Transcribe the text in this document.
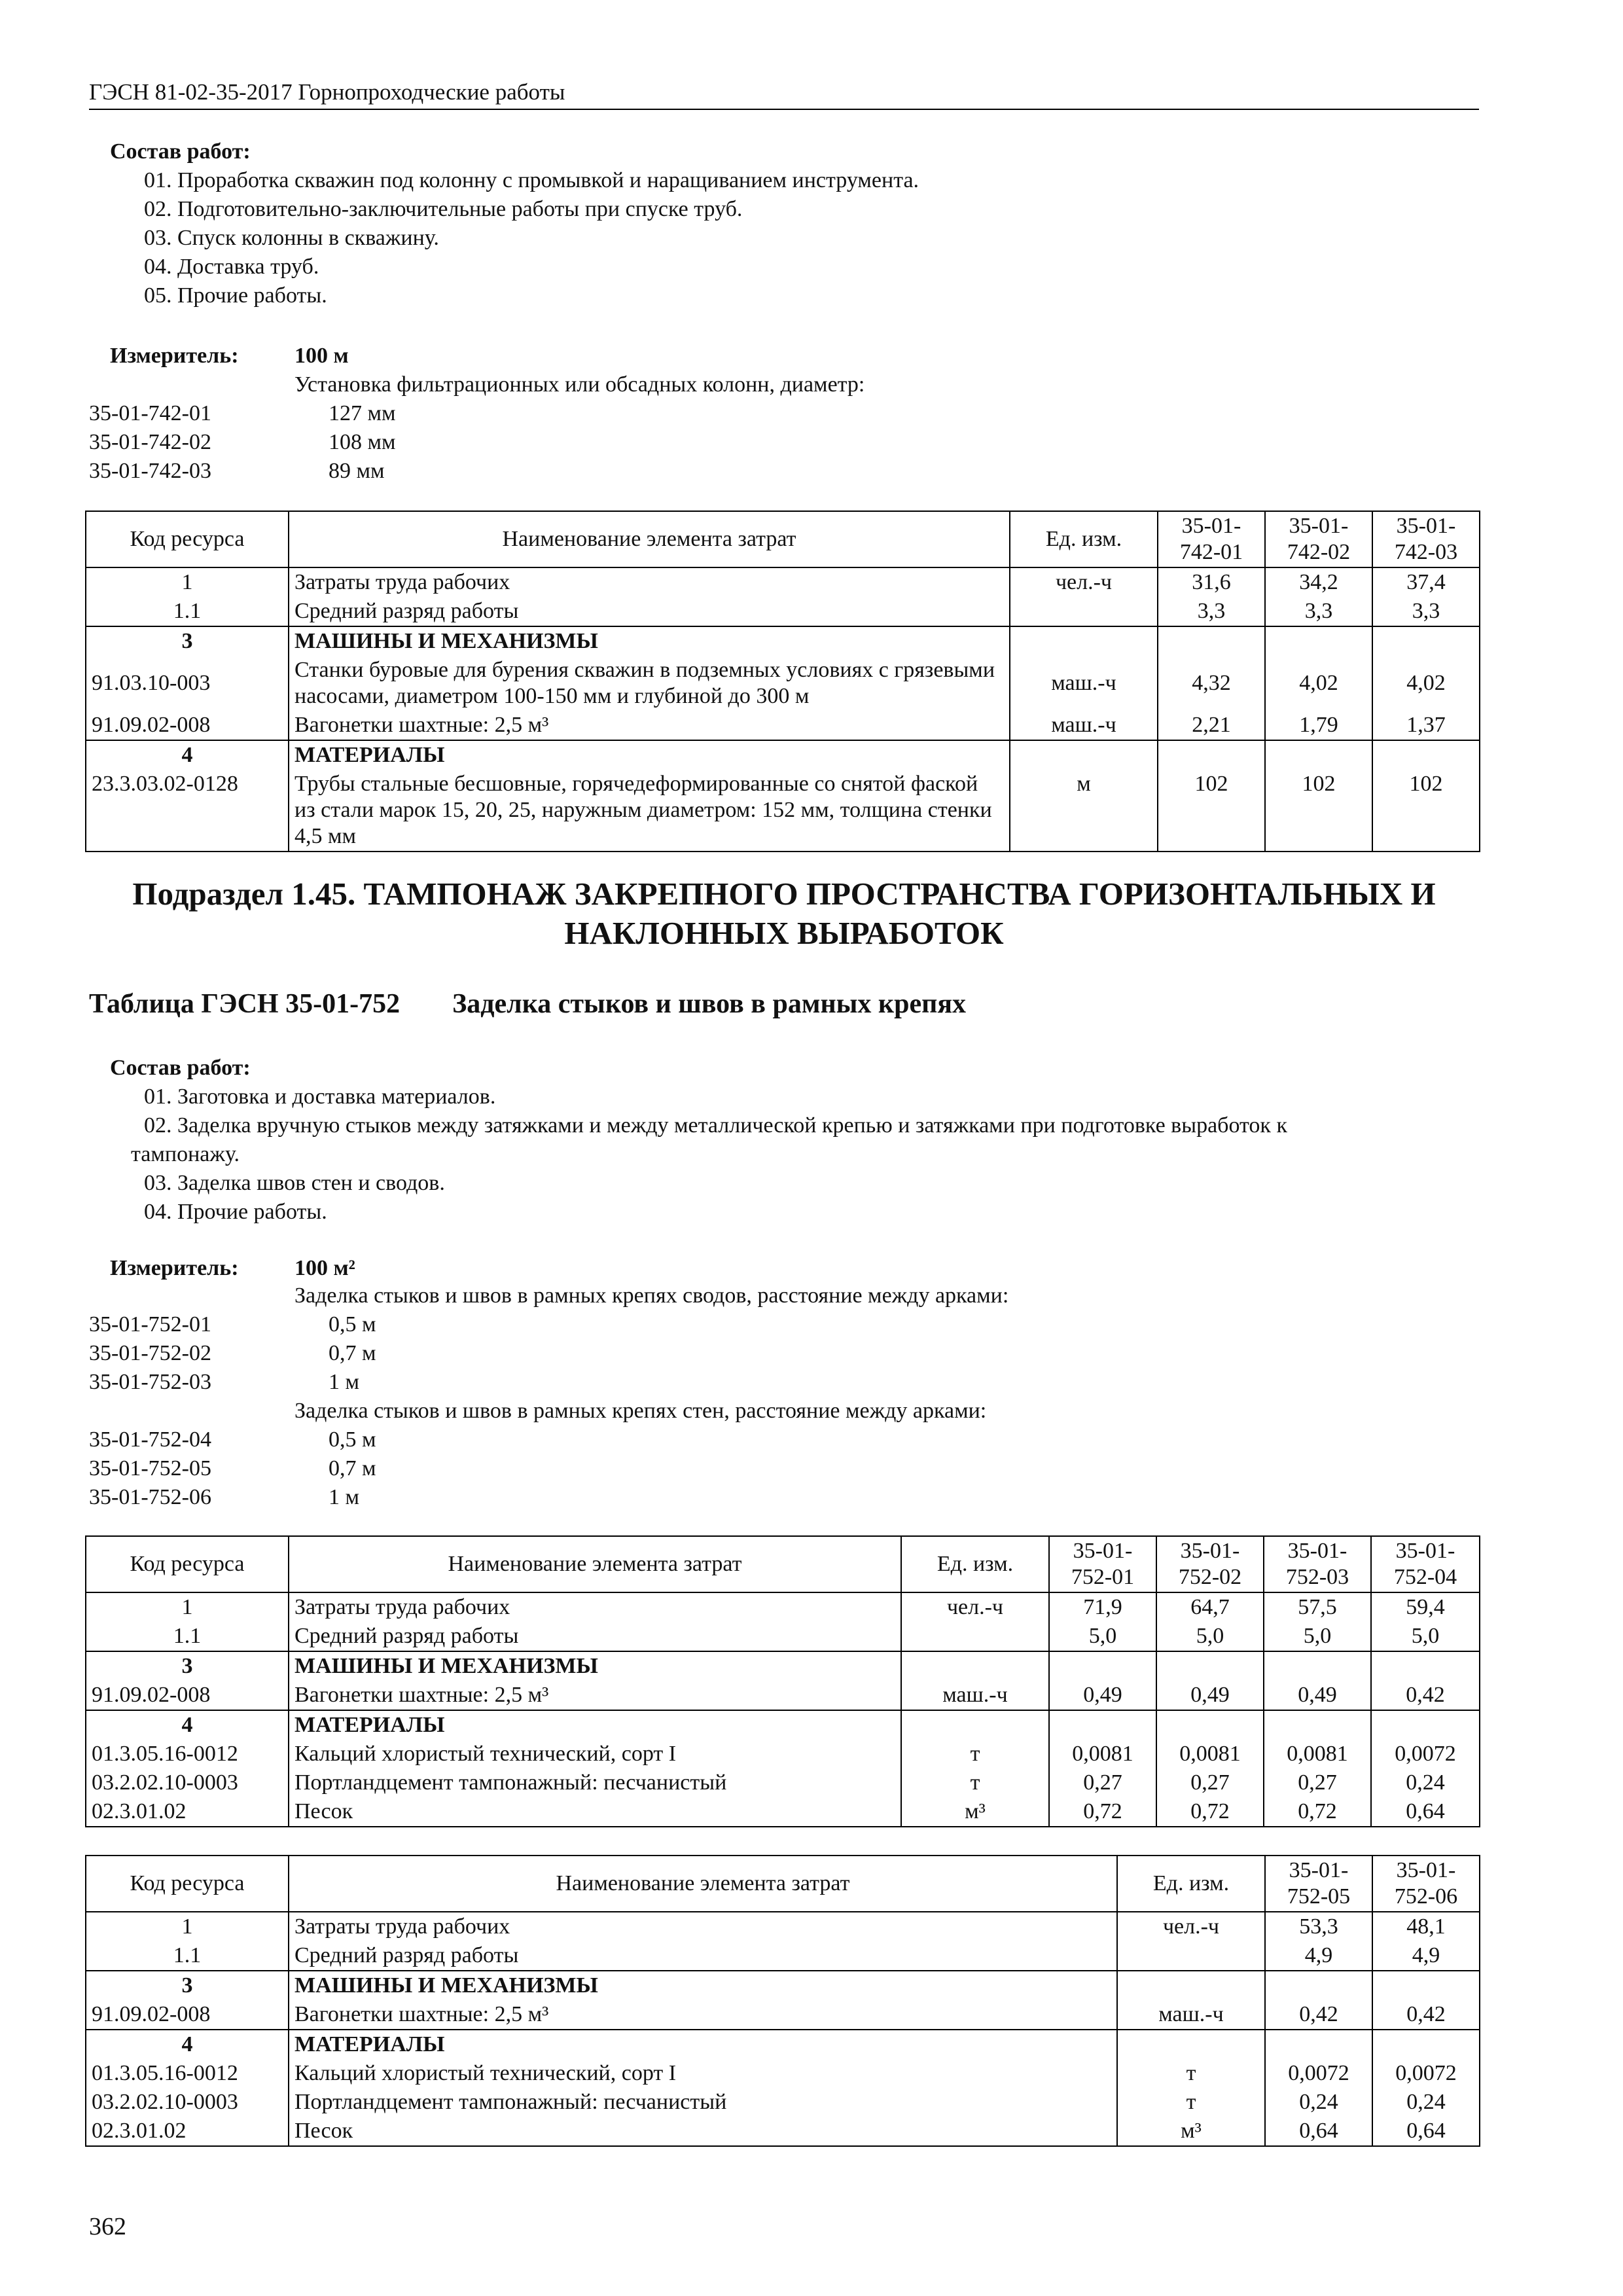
ГЭСН 81-02-35-2017 Горнопроходческие работы
Состав работ:
01. Проработка скважин под колонну с промывкой и наращиванием инструмента.
02. Подготовительно-заключительные работы при спуске труб.
03. Спуск колонны в скважину.
04. Доставка труб.
05. Прочие работы.
Измеритель:	100 м
Установка фильтрационных или обсадных колонн, диаметр:
35-01-742-01	127 мм
35-01-742-02	108 мм
35-01-742-03	89 мм
Код ресурса	Наименование элемента затрат	Ед. изм.	35-01-742-01	35-01-742-02	35-01-742-03
1	Затраты труда рабочих	чел.-ч	31,6	34,2	37,4
1.1	Средний разряд работы		3,3	3,3	3,3
3	МАШИНЫ И МЕХАНИЗМЫ				
91.03.10-003	Станки буровые для бурения скважин в подземных условиях с грязевыми насосами, диаметром 100-150 мм и глубиной до 300 м	маш.-ч	4,32	4,02	4,02
91.09.02-008	Вагонетки шахтные: 2,5 м³	маш.-ч	2,21	1,79	1,37
4	МАТЕРИАЛЫ				
23.3.03.02-0128	Трубы стальные бесшовные, горячедеформированные со снятой фаской из стали марок 15, 20, 25, наружным диаметром: 152 мм, толщина стенки 4,5 мм	м	102	102	102
Подраздел 1.45. ТАМПОНАЖ ЗАКРЕПНОГО ПРОСТРАНСТВА ГОРИЗОНТАЛЬНЫХ И НАКЛОННЫХ ВЫРАБОТОК
Таблица ГЭСН 35-01-752 Заделка стыков и швов в рамных крепях
Состав работ:
01. Заготовка и доставка материалов.
02. Заделка вручную стыков между затяжками и между металлической крепью и затяжками при подготовке выработок к
тампонажу.
03. Заделка швов стен и сводов.
04. Прочие работы.
Измеритель:	100 м²
Заделка стыков и швов в рамных крепях сводов, расстояние между арками:
35-01-752-01	0,5 м
35-01-752-02	0,7 м
35-01-752-03	1 м
Заделка стыков и швов в рамных крепях стен, расстояние между арками:
35-01-752-04	0,5 м
35-01-752-05	0,7 м
35-01-752-06	1 м
Код ресурса	Наименование элемента затрат	Ед. изм.	35-01-752-01	35-01-752-02	35-01-752-03	35-01-752-04
1	Затраты труда рабочих	чел.-ч	71,9	64,7	57,5	59,4
1.1	Средний разряд работы		5,0	5,0	5,0	5,0
3	МАШИНЫ И МЕХАНИЗМЫ					
91.09.02-008	Вагонетки шахтные: 2,5 м³	маш.-ч	0,49	0,49	0,49	0,42
4	МАТЕРИАЛЫ					
01.3.05.16-0012	Кальций хлористый технический, сорт I	т	0,0081	0,0081	0,0081	0,0072
03.2.02.10-0003	Портландцемент тампонажный: песчанистый	т	0,27	0,27	0,27	0,24
02.3.01.02	Песок	м³	0,72	0,72	0,72	0,64
Код ресурса	Наименование элемента затрат	Ед. изм.	35-01-752-05	35-01-752-06
1	Затраты труда рабочих	чел.-ч	53,3	48,1
1.1	Средний разряд работы		4,9	4,9
3	МАШИНЫ И МЕХАНИЗМЫ			
91.09.02-008	Вагонетки шахтные: 2,5 м³	маш.-ч	0,42	0,42
4	МАТЕРИАЛЫ			
01.3.05.16-0012	Кальций хлористый технический, сорт I	т	0,0072	0,0072
03.2.02.10-0003	Портландцемент тампонажный: песчанистый	т	0,24	0,24
02.3.01.02	Песок	м³	0,64	0,64
362
